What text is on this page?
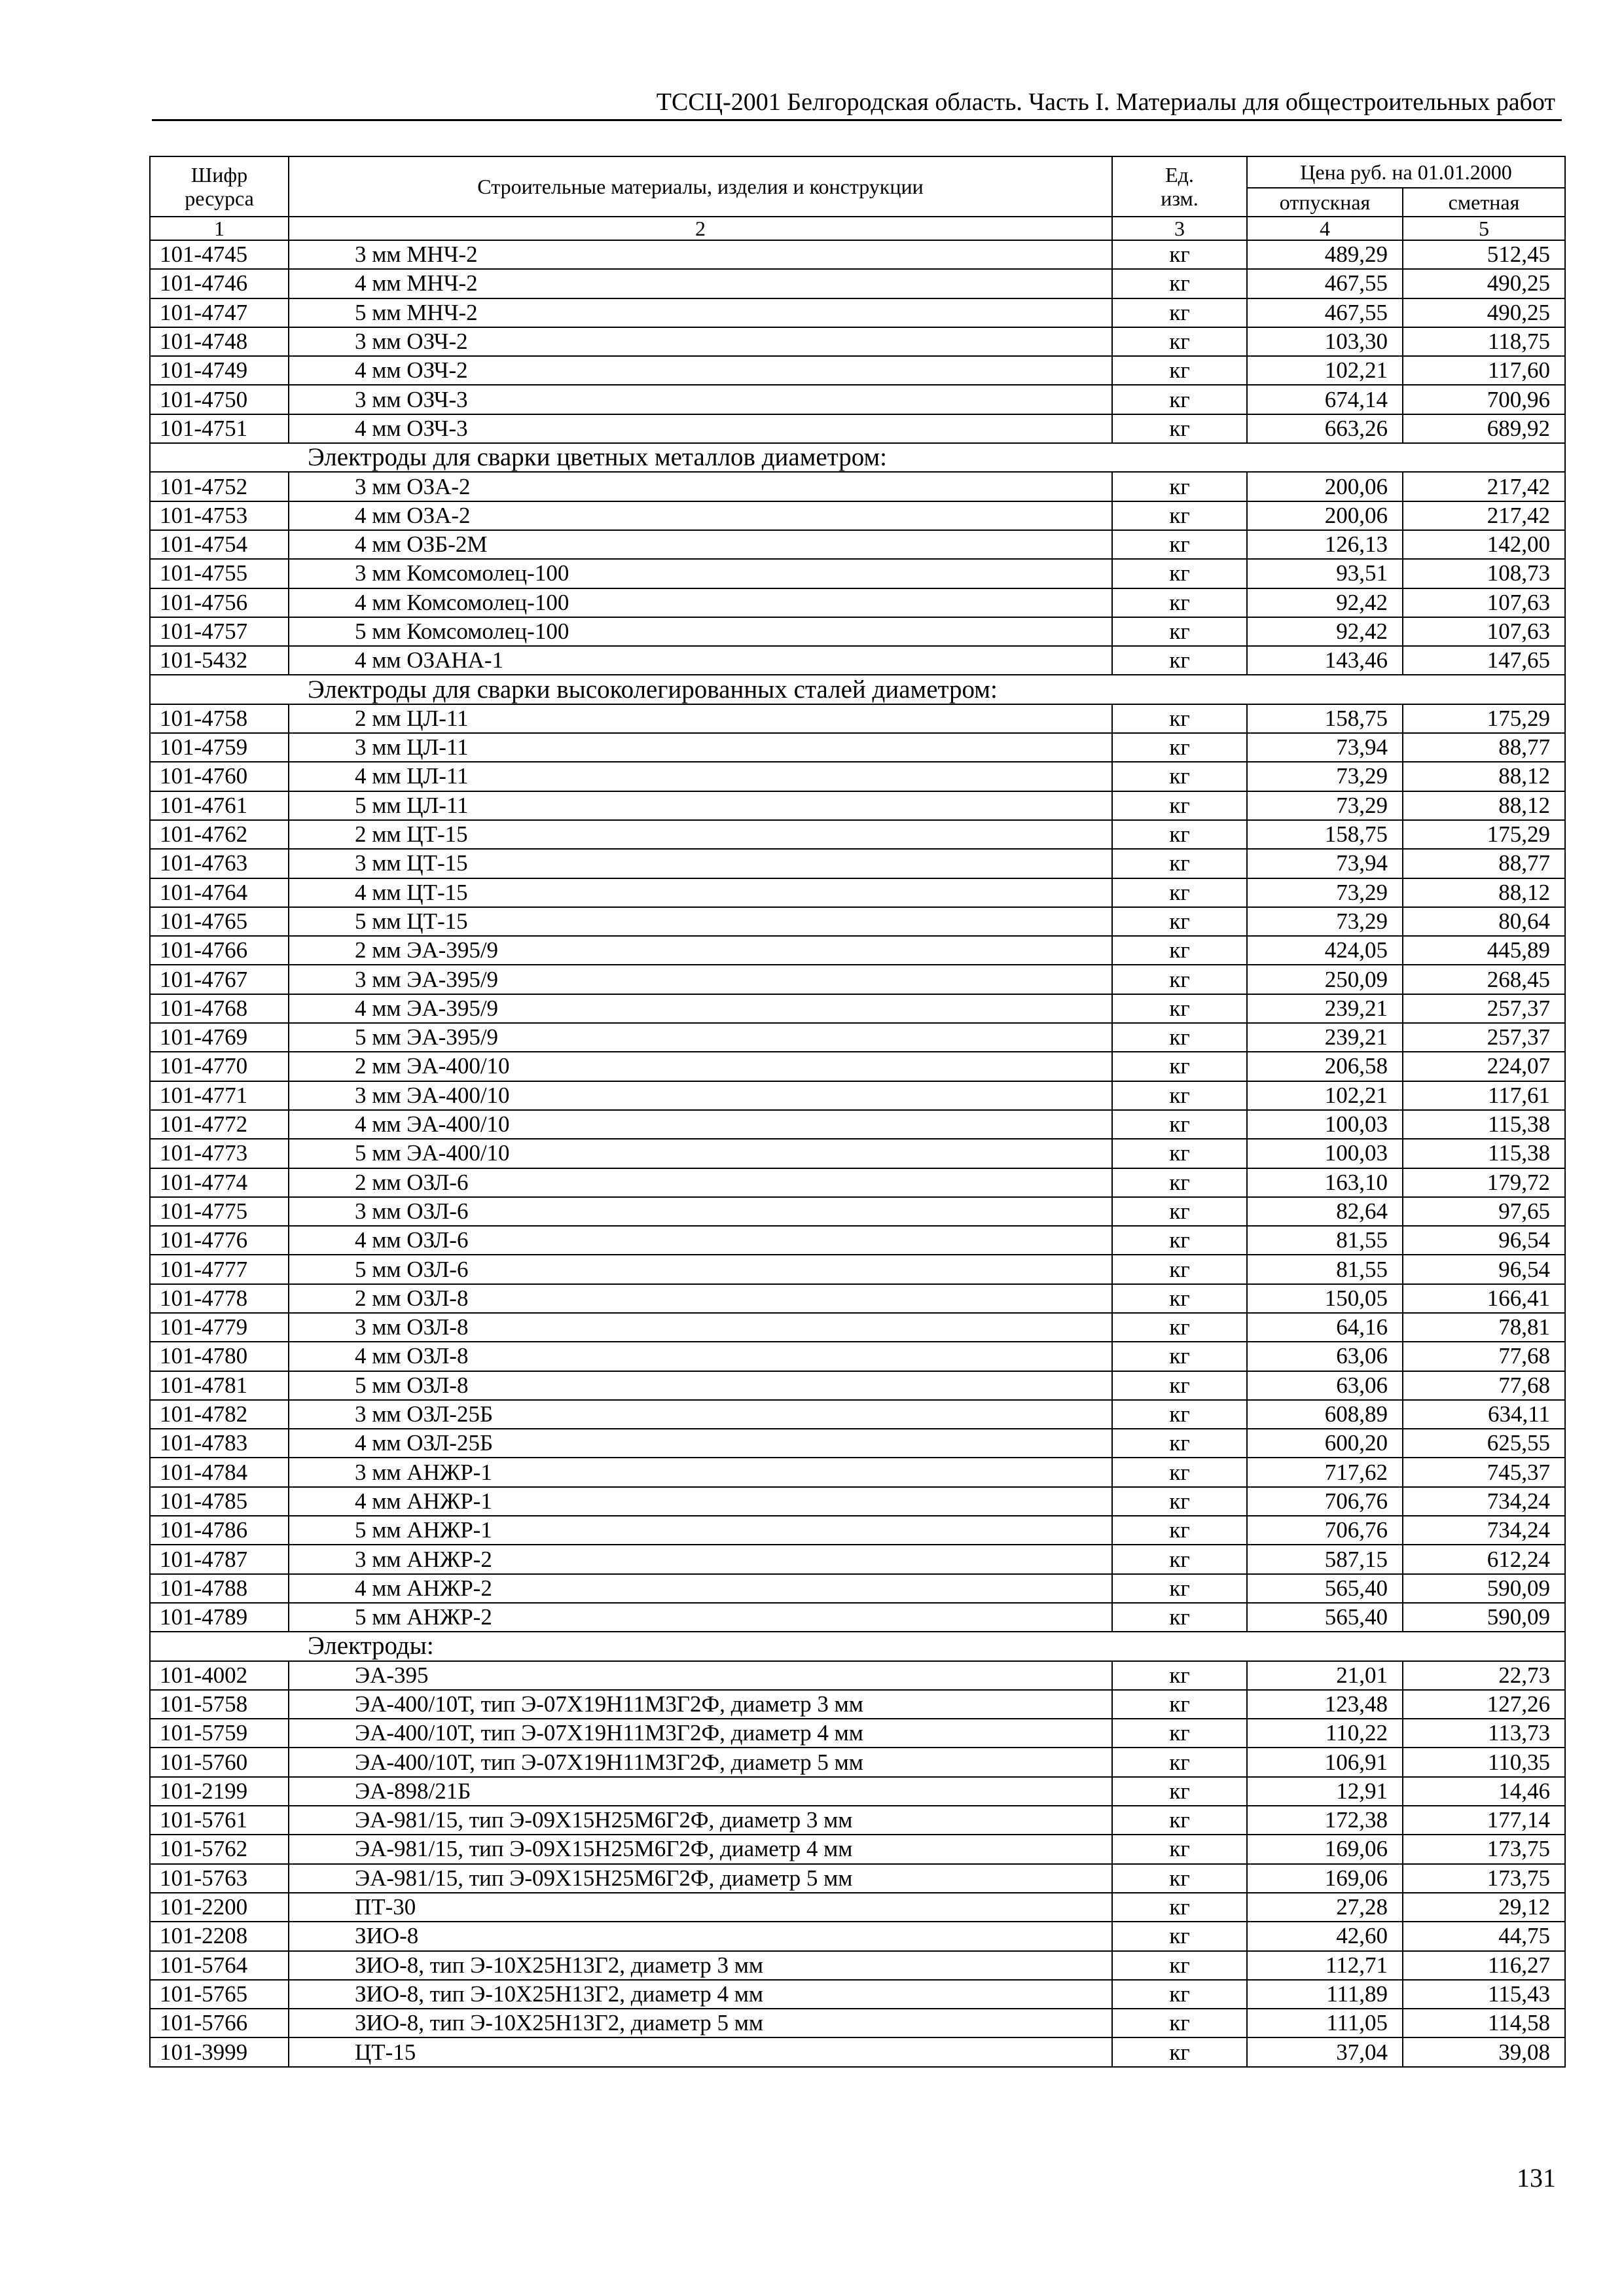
ТССЦ-2001 Белгородская область. Часть I. Материалы для общестроительных работ
Шифр ресурса	Строительные материалы, изделия и конструкции	Ед. изм.	Цена руб. на 01.01.2000	
			отпускная	сметная
1	2	3	4	5
101-4745	3 мм МНЧ-2	кг	489,29	512,45
101-4746	4 мм МНЧ-2	кг	467,55	490,25
101-4747	5 мм МНЧ-2	кг	467,55	490,25
101-4748	3 мм ОЗЧ-2	кг	103,30	118,75
101-4749	4 мм ОЗЧ-2	кг	102,21	117,60
101-4750	3 мм ОЗЧ-3	кг	674,14	700,96
101-4751	4 мм ОЗЧ-3	кг	663,26	689,92
Электроды для сварки цветных металлов диаметром:				
101-4752	3 мм ОЗА-2	кг	200,06	217,42
101-4753	4 мм ОЗА-2	кг	200,06	217,42
101-4754	4 мм ОЗБ-2М	кг	126,13	142,00
101-4755	3 мм Комсомолец-100	кг	93,51	108,73
101-4756	4 мм Комсомолец-100	кг	92,42	107,63
101-4757	5 мм Комсомолец-100	кг	92,42	107,63
101-5432	4 мм ОЗАНА-1	кг	143,46	147,65
Электроды для сварки высоколегированных сталей диаметром:				
101-4758	2 мм ЦЛ-11	кг	158,75	175,29
101-4759	3 мм ЦЛ-11	кг	73,94	88,77
101-4760	4 мм ЦЛ-11	кг	73,29	88,12
101-4761	5 мм ЦЛ-11	кг	73,29	88,12
101-4762	2 мм ЦТ-15	кг	158,75	175,29
101-4763	3 мм ЦТ-15	кг	73,94	88,77
101-4764	4 мм ЦТ-15	кг	73,29	88,12
101-4765	5 мм ЦТ-15	кг	73,29	80,64
101-4766	2 мм ЭА-395/9	кг	424,05	445,89
101-4767	3 мм ЭА-395/9	кг	250,09	268,45
101-4768	4 мм ЭА-395/9	кг	239,21	257,37
101-4769	5 мм ЭА-395/9	кг	239,21	257,37
101-4770	2 мм ЭА-400/10	кг	206,58	224,07
101-4771	3 мм ЭА-400/10	кг	102,21	117,61
101-4772	4 мм ЭА-400/10	кг	100,03	115,38
101-4773	5 мм ЭА-400/10	кг	100,03	115,38
101-4774	2 мм ОЗЛ-6	кг	163,10	179,72
101-4775	3 мм ОЗЛ-6	кг	82,64	97,65
101-4776	4 мм ОЗЛ-6	кг	81,55	96,54
101-4777	5 мм ОЗЛ-6	кг	81,55	96,54
101-4778	2 мм ОЗЛ-8	кг	150,05	166,41
101-4779	3 мм ОЗЛ-8	кг	64,16	78,81
101-4780	4 мм ОЗЛ-8	кг	63,06	77,68
101-4781	5 мм ОЗЛ-8	кг	63,06	77,68
101-4782	3 мм ОЗЛ-25Б	кг	608,89	634,11
101-4783	4 мм ОЗЛ-25Б	кг	600,20	625,55
101-4784	3 мм АНЖР-1	кг	717,62	745,37
101-4785	4 мм АНЖР-1	кг	706,76	734,24
101-4786	5 мм АНЖР-1	кг	706,76	734,24
101-4787	3 мм АНЖР-2	кг	587,15	612,24
101-4788	4 мм АНЖР-2	кг	565,40	590,09
101-4789	5 мм АНЖР-2	кг	565,40	590,09
Электроды:				
101-4002	ЭА-395	кг	21,01	22,73
101-5758	ЭА-400/10Т, тип Э-07Х19Н11М3Г2Ф, диаметр 3 мм	кг	123,48	127,26
101-5759	ЭА-400/10Т, тип Э-07Х19Н11М3Г2Ф, диаметр 4 мм	кг	110,22	113,73
101-5760	ЭА-400/10Т, тип Э-07Х19Н11М3Г2Ф, диаметр 5 мм	кг	106,91	110,35
101-2199	ЭА-898/21Б	кг	12,91	14,46
101-5761	ЭА-981/15, тип Э-09Х15Н25М6Г2Ф, диаметр 3 мм	кг	172,38	177,14
101-5762	ЭА-981/15, тип Э-09Х15Н25М6Г2Ф, диаметр 4 мм	кг	169,06	173,75
101-5763	ЭА-981/15, тип Э-09Х15Н25М6Г2Ф, диаметр 5 мм	кг	169,06	173,75
101-2200	ПТ-30	кг	27,28	29,12
101-2208	ЗИО-8	кг	42,60	44,75
101-5764	ЗИО-8, тип Э-10Х25Н13Г2, диаметр 3 мм	кг	112,71	116,27
101-5765	ЗИО-8, тип Э-10Х25Н13Г2, диаметр 4 мм	кг	111,89	115,43
101-5766	ЗИО-8, тип Э-10Х25Н13Г2, диаметр 5 мм	кг	111,05	114,58
101-3999	ЦТ-15	кг	37,04	39,08
131
